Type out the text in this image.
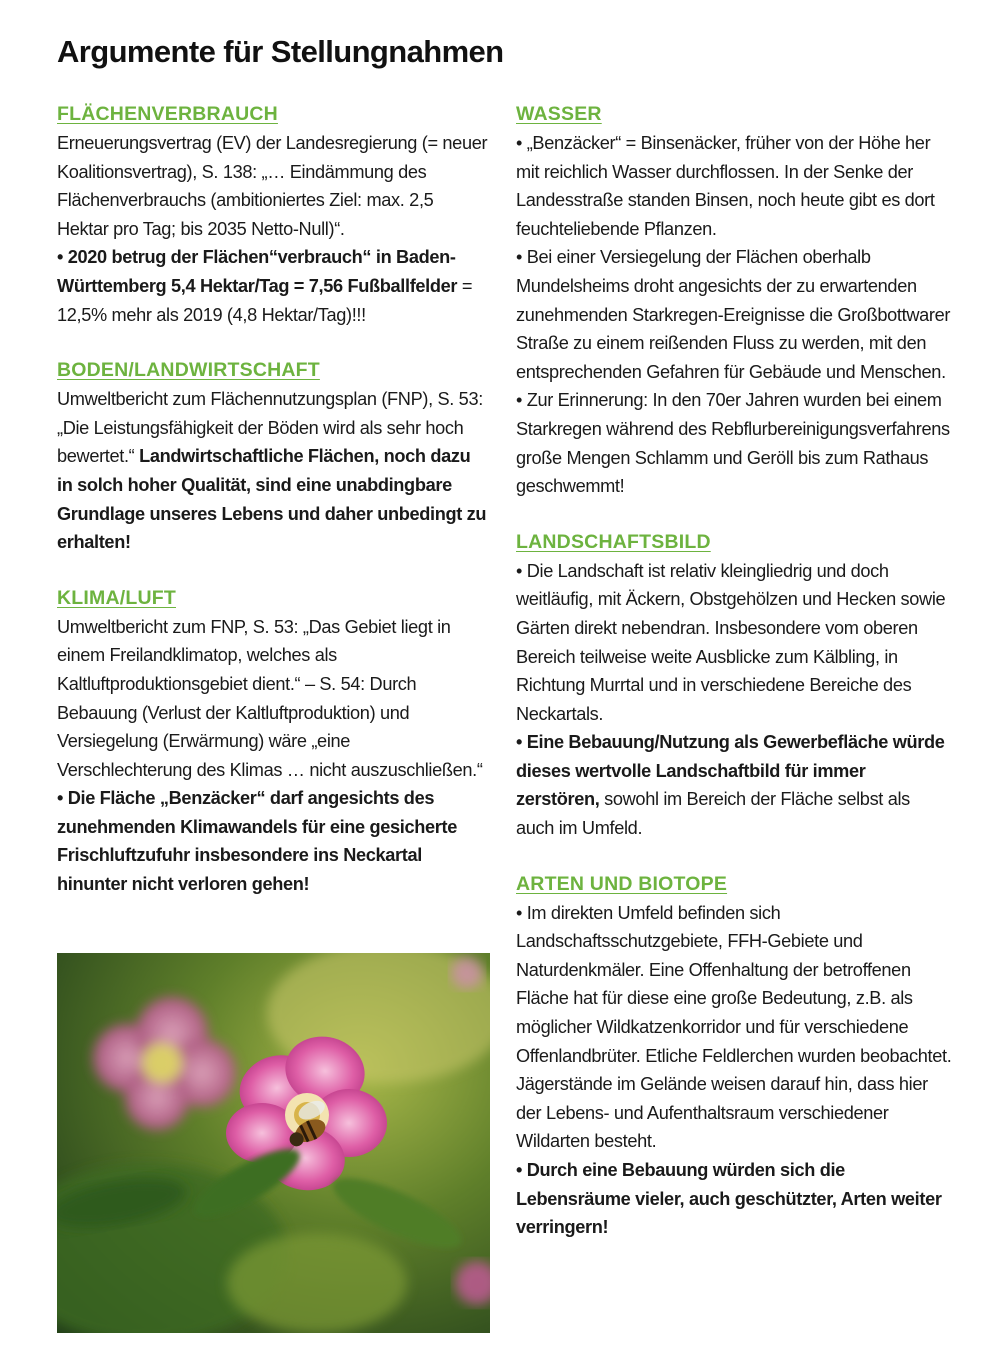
Argumente für Stellungnahmen
FLÄCHENVERBRAUCH

Erneuerungsvertrag (EV) der Landesregierung (= neuer Koalitionsvertrag), S. 138: „… Eindämmung des Flächenverbrauchs (ambitioniertes Ziel: max. 2,5 Hektar pro Tag; bis 2035 Netto-Null)“.

• 2020 betrug der Flächen“verbrauch“ in Baden-Württemberg 5,4 Hektar/Tag = 7,56 Fußballfelder = 12,5% mehr als 2019 (4,8 Hektar/Tag)!!!

BODEN/LANDWIRTSCHAFT

Umweltbericht zum Flächennutzungsplan (FNP), S. 53: „Die Leistungsfähigkeit der Böden wird als sehr hoch bewertet.“ Landwirtschaftliche Flächen, noch dazu in solch hoher Qualität, sind eine unabdingbare Grundlage unseres Lebens und daher unbedingt zu erhalten!

KLIMA/LUFT

Umweltbericht zum FNP, S. 53: „Das Gebiet liegt in einem Freilandklimatop, welches als Kaltluftproduktionsgebiet dient.“ – S. 54: Durch Bebauung (Verlust der Kaltluftproduktion) und Versiegelung (Erwärmung) wäre „eine Verschlechterung des Klimas … nicht auszuschließen.“

• Die Fläche „Benzäcker“ darf angesichts des zunehmenden Klimawandels für eine gesicherte Frischluftzufuhr insbesondere ins Neckartal hinunter nicht verloren gehen!

WASSER

• „Benzäcker“ = Binsenäcker, früher von der Höhe her mit reichlich Wasser durchflossen. In der Senke der Landesstraße standen Binsen, noch heute gibt es dort feuchteliebende Pflanzen.

• Bei einer Versiegelung der Flächen oberhalb Mundelsheims droht angesichts der zu erwartenden zunehmenden Starkregen-Ereignisse die Großbottwarer Straße zu einem reißenden Fluss zu werden, mit den entsprechenden Gefahren für Gebäude und Menschen.

• Zur Erinnerung: In den 70er Jahren wurden bei einem Starkregen während des Rebflurbereinigungsverfahrens große Mengen Schlamm und Geröll bis zum Rathaus geschwemmt!

LANDSCHAFTSBILD

• Die Landschaft ist relativ kleingliedrig und doch weitläufig, mit Äckern, Obstgehölzen und Hecken sowie Gärten direkt nebendran. Insbesondere vom oberen Bereich teilweise weite Ausblicke zum Kälbling, in Richtung Murrtal und in verschiedene Bereiche des Neckartals.

• Eine Bebauung/Nutzung als Gewerbefläche würde dieses wertvolle Landschaftbild für immer zerstören, sowohl im Bereich der Fläche selbst als auch im Umfeld.

ARTEN UND BIOTOPE

• Im direkten Umfeld befinden sich Landschaftsschutzgebiete, FFH-Gebiete und Naturdenkmäler. Eine Offenhaltung der betroffenen Fläche hat für diese eine große Bedeutung, z.B. als möglicher Wildkatzenkorridor und für verschiedene Offenlandbrüter. Etliche Feldlerchen wurden beobachtet. Jägerstände im Gelände weisen darauf hin, dass hier der Lebens- und Aufenthaltsraum verschiedener Wildarten besteht.

• Durch eine Bebauung würden sich die Lebensräume vieler, auch geschützter, Arten weiter verringern!
